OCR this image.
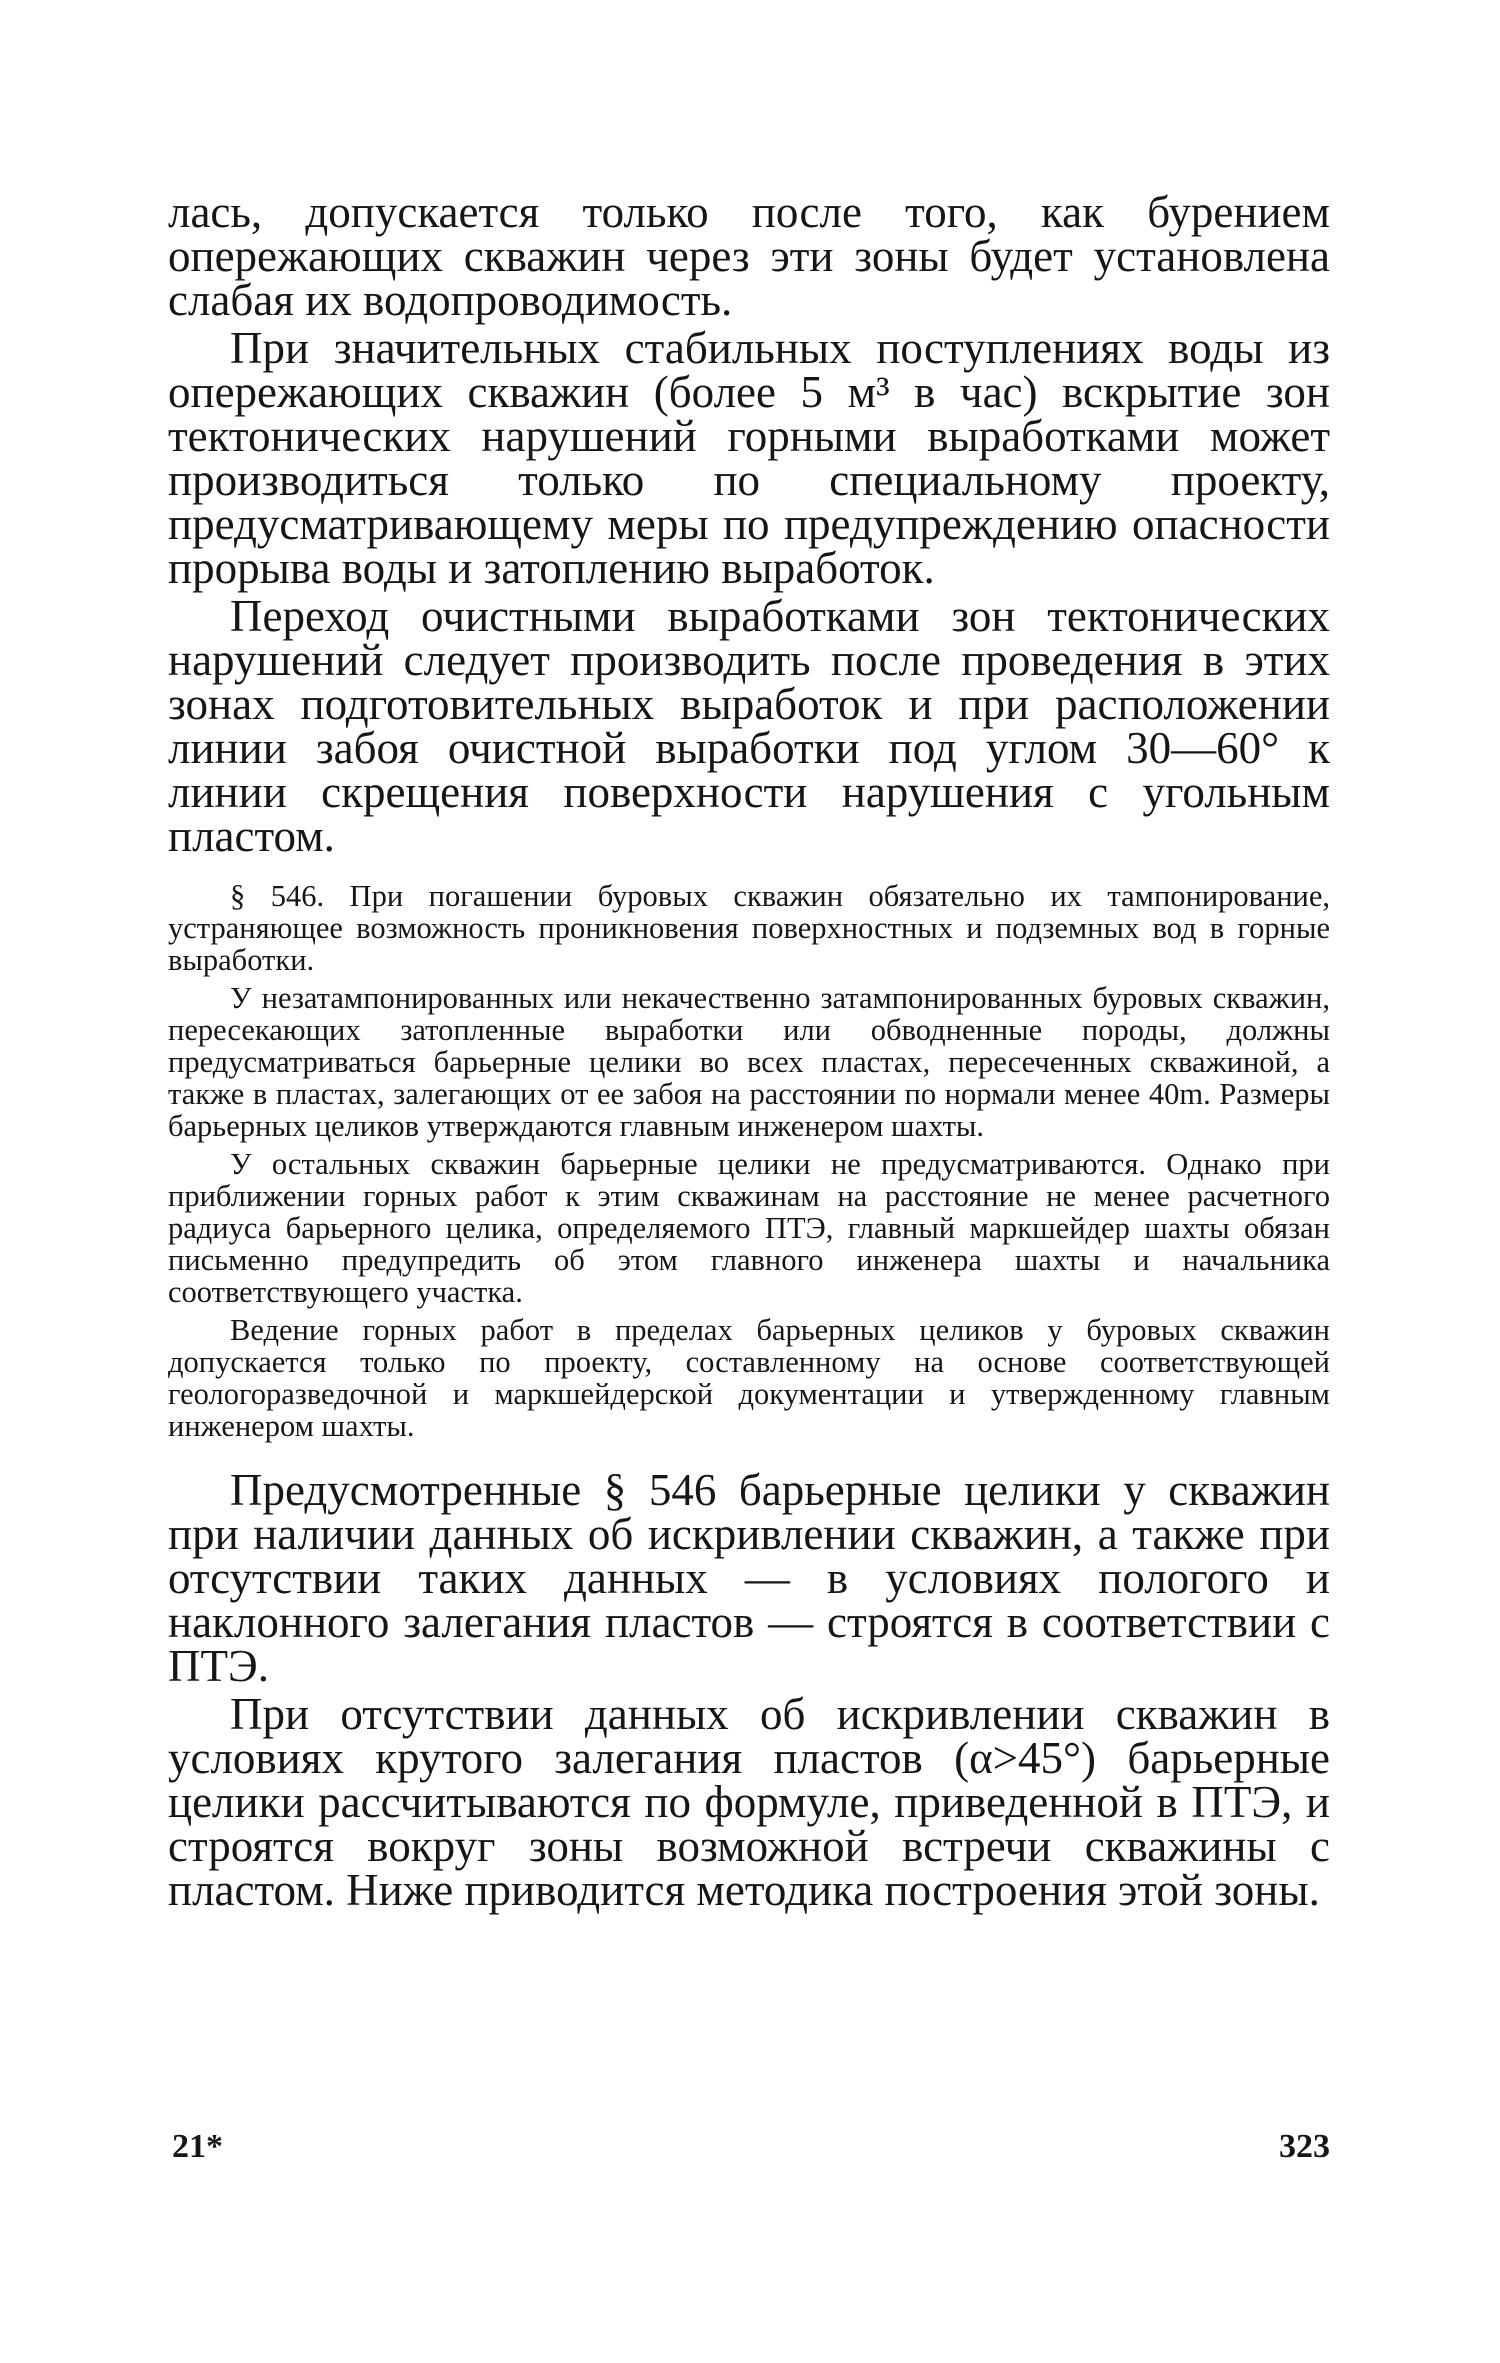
лась, допускается только после того, как бурением опережающих скважин через эти зоны будет установлена слабая их водопроводимость.

При значительных стабильных поступлениях воды из опережающих скважин (более 5 м³ в час) вскрытие зон тектонических нарушений горными выработками может производиться только по специальному проекту, предусматривающему меры по предупреждению опасности прорыва воды и затоплению выработок.

Переход очистными выработками зон тектонических нарушений следует производить после проведения в этих зонах подготовительных выработок и при расположении линии забоя очистной выработки под углом 30—60° к линии скрещения поверхности нарушения с угольным пластом.

§ 546. При погашении буровых скважин обязательно их тампонирование, устраняющее возможность проникновения поверхностных и подземных вод в горные выработки.

У незатампонированных или некачественно затампонированных буровых скважин, пересекающих затопленные выработки или обводненные породы, должны предусматриваться барьерные целики во всех пластах, пересеченных скважиной, а также в пластах, залегающих от ее забоя на расстоянии по нормали менее 40m. Размеры барьерных целиков утверждаются главным инженером шахты.

У остальных скважин барьерные целики не предусматриваются. Однако при приближении горных работ к этим скважинам на расстояние не менее расчетного радиуса барьерного целика, определяемого ПТЭ, главный маркшейдер шахты обязан письменно предупредить об этом главного инженера шахты и начальника соответствующего участка.

Ведение горных работ в пределах барьерных целиков у буровых скважин допускается только по проекту, составленному на основе соответствующей геологоразведочной и маркшейдерской документации и утвержденному главным инженером шахты.

Предусмотренные § 546 барьерные целики у скважин при наличии данных об искривлении скважин, а также при отсутствии таких данных — в условиях пологого и наклонного залегания пластов — строятся в соответствии с ПТЭ.

При отсутствии данных об искривлении скважин в условиях крутого залегания пластов (α>45°) барьерные целики рассчитываются по формуле, приведенной в ПТЭ, и строятся вокруг зоны возможной встречи скважины с пластом. Ниже приводится методика построения этой зоны.

21*	323
